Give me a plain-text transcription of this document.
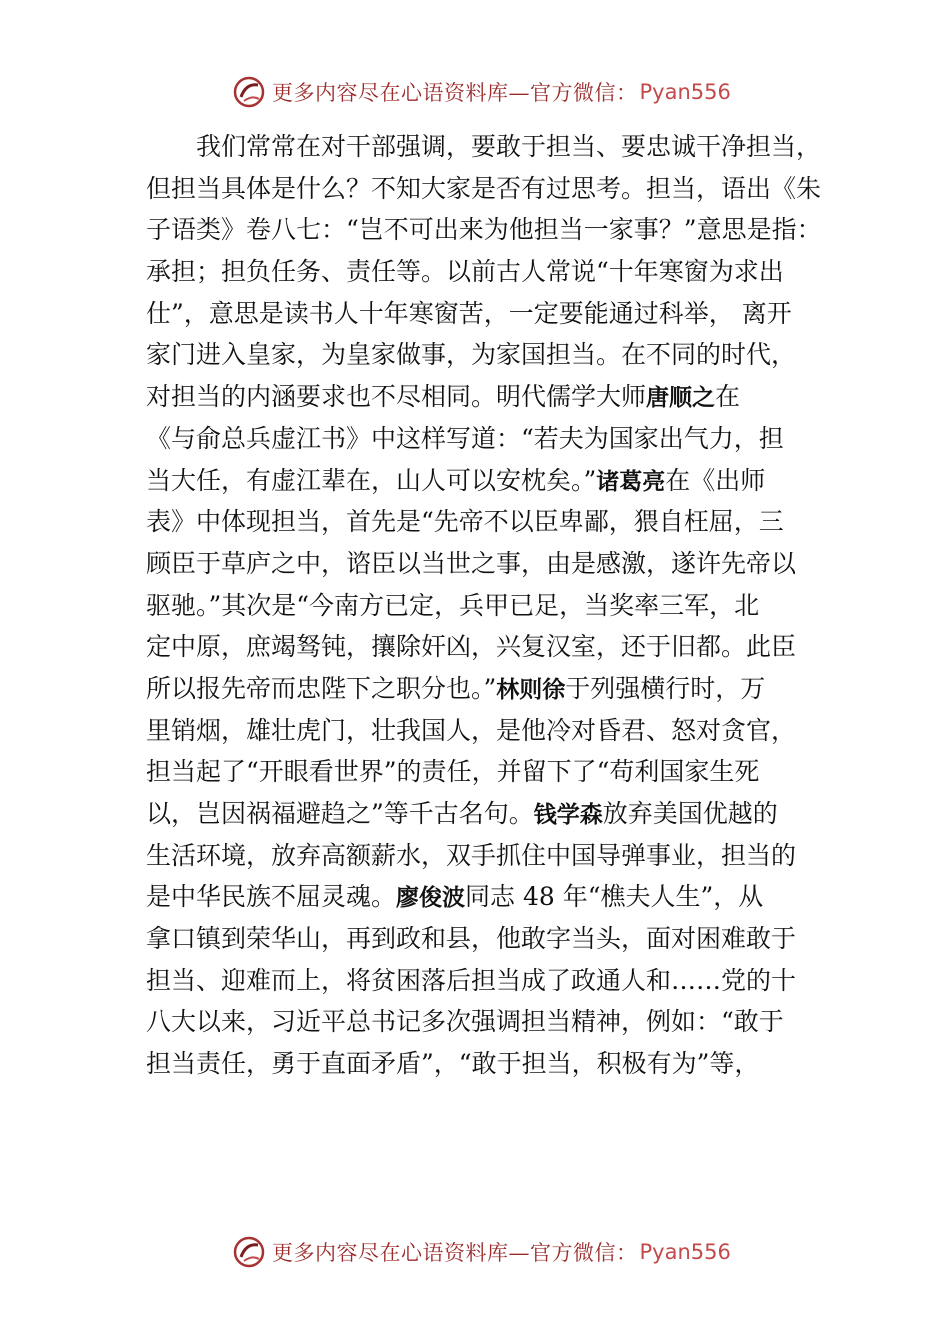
更多内容尽在心语资料库—官方微信： Pyan556
我们常常在对干部强调，要敢于担当、要忠诚干净担当，
但担当具体是什么？不知大家是否有过思考。担当，语出《朱
子语类》卷八七：“岂不可出来为他担当一家事？”意思是指：
承担；担负任务、责任等。以前古人常说“十年寒窗为求出
仕”，意思是读书人十年寒窗苦，一定要能通过科举， 离开
家门进入皇家，为皇家做事，为家国担当。在不同的时代，
对担当的内涵要求也不尽相同。明代儒学大师唐顺之在
《与俞总兵虚江书》中这样写道：“若夫为国家出气力，担
当大任，有虚江辈在，山人可以安枕矣。”诸葛亮在《出师
表》中体现担当，首先是“先帝不以臣卑鄙，猥自枉屈，三
顾臣于草庐之中，谘臣以当世之事，由是感激，遂许先帝以
驱驰。”其次是“今南方已定，兵甲已足，当奖率三军，北
定中原，庶竭驽钝，攘除奸凶，兴复汉室，还于旧都。此臣
所以报先帝而忠陛下之职分也。”林则徐于列强横行时，万
里销烟，雄壮虎门，壮我国人，是他冷对昏君、怒对贪官，
担当起了“开眼看世界”的责任，并留下了“苟利国家生死
以，岂因祸福避趋之”等千古名句。钱学森放弃美国优越的
生活环境，放弃高额薪水，双手抓住中国导弹事业，担当的
是中华民族不屈灵魂。廖俊波同志 48 年“樵夫人生”，从
拿口镇到荣华山，再到政和县，他敢字当头，面对困难敢于
担当、迎难而上，将贫困落后担当成了政通人和……党的十
八大以来，习近平总书记多次强调担当精神，例如：“敢于
担当责任，勇于直面矛盾”，“敢于担当，积极有为”等，
更多内容尽在心语资料库—官方微信： Pyan556
